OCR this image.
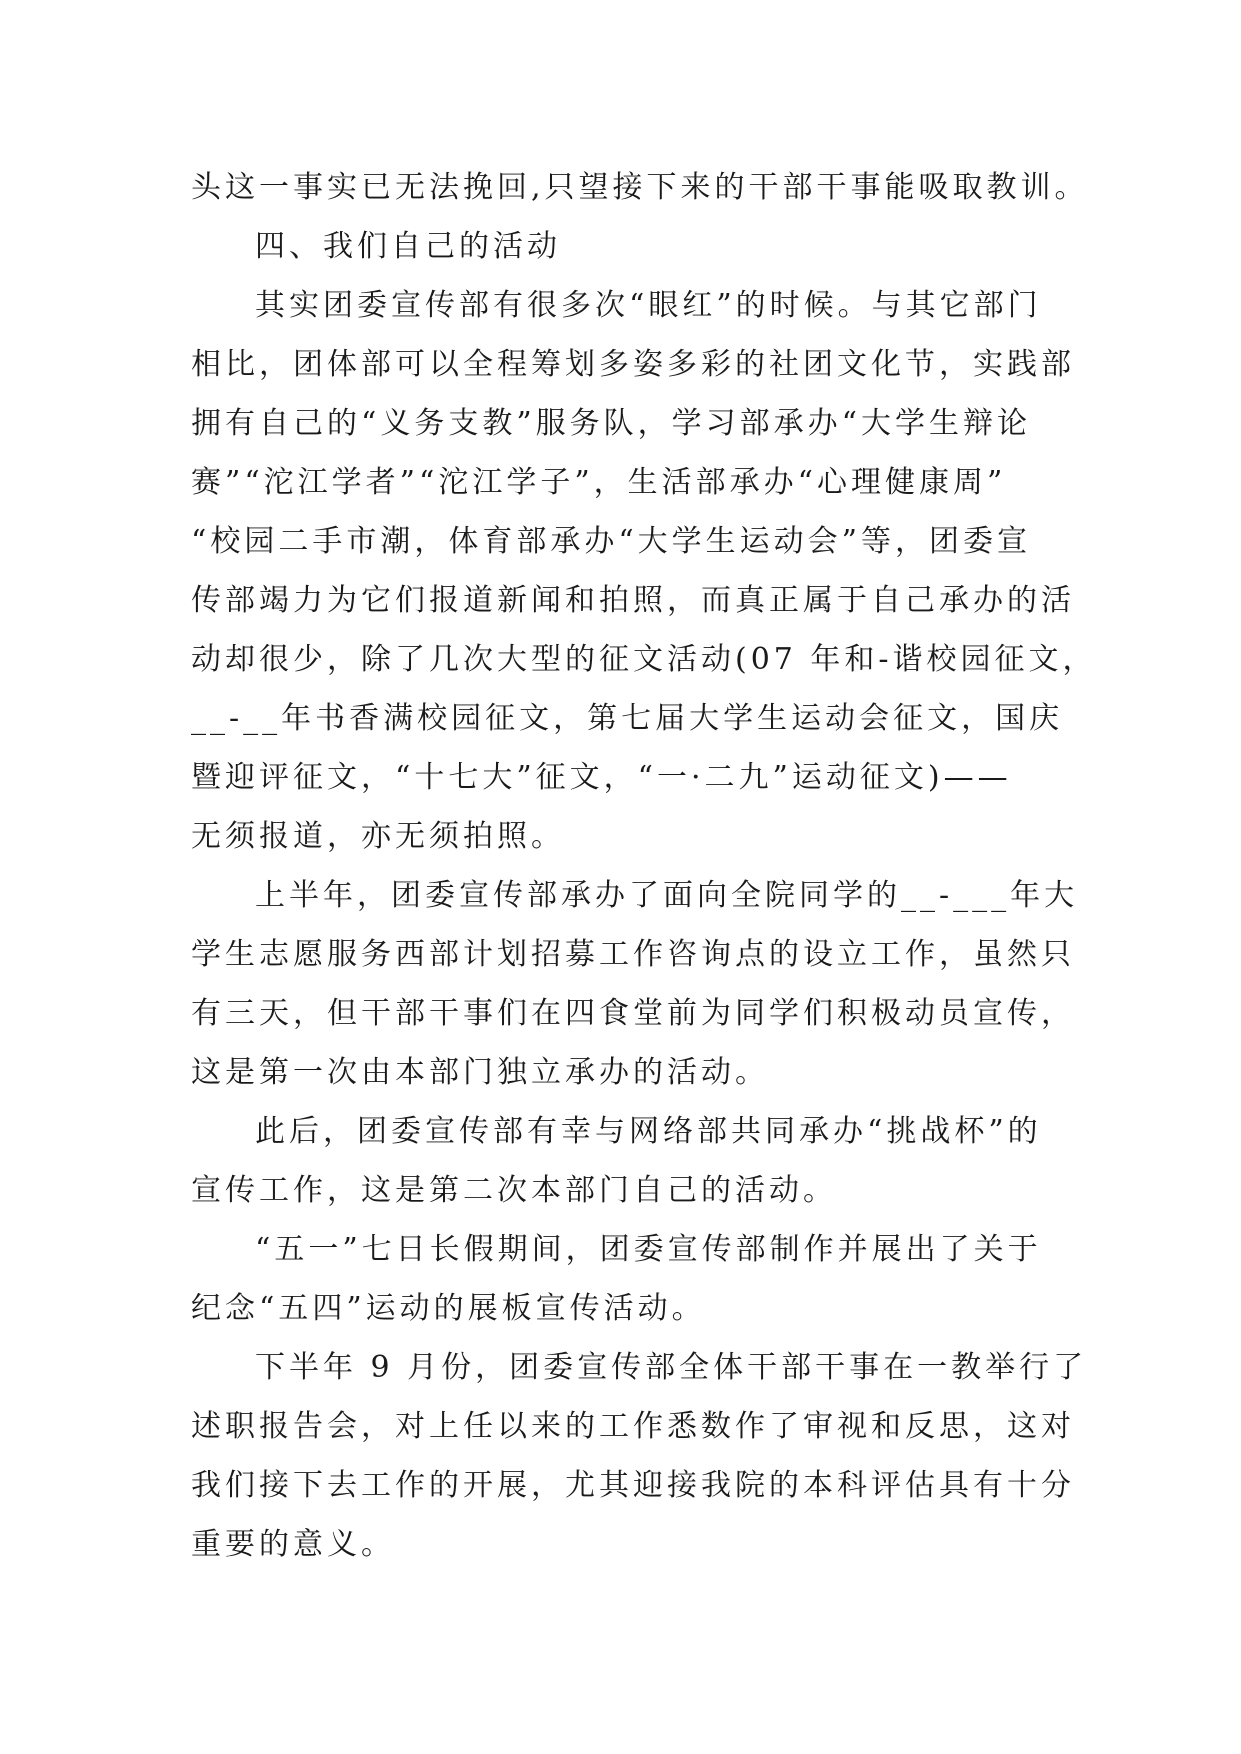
头这一事实已无法挽回,只望接下来的干部干事能吸取教训。
四、我们自己的活动
其实团委宣传部有很多次“眼红”的时候。与其它部门
相比，团体部可以全程筹划多姿多彩的社团文化节，实践部
拥有自己的“义务支教”服务队，学习部承办“大学生辩论
赛”“沱江学者”“沱江学子”，生活部承办“心理健康周”
“校园二手市潮，体育部承办“大学生运动会”等，团委宣
传部竭力为它们报道新闻和拍照，而真正属于自己承办的活
动却很少，除了几次大型的征文活动(07 年和-谐校园征文，
__-__年书香满校园征文，第七届大学生运动会征文，国庆
暨迎评征文，“十七大”征文，“一·二九”运动征文)——
无须报道，亦无须拍照。
上半年，团委宣传部承办了面向全院同学的__-___年大
学生志愿服务西部计划招募工作咨询点的设立工作，虽然只
有三天，但干部干事们在四食堂前为同学们积极动员宣传，
这是第一次由本部门独立承办的活动。
此后，团委宣传部有幸与网络部共同承办“挑战杯”的
宣传工作，这是第二次本部门自己的活动。
“五一”七日长假期间，团委宣传部制作并展出了关于
纪念“五四”运动的展板宣传活动。
下半年 9 月份，团委宣传部全体干部干事在一教举行了
述职报告会，对上任以来的工作悉数作了审视和反思，这对
我们接下去工作的开展，尤其迎接我院的本科评估具有十分
重要的意义。
